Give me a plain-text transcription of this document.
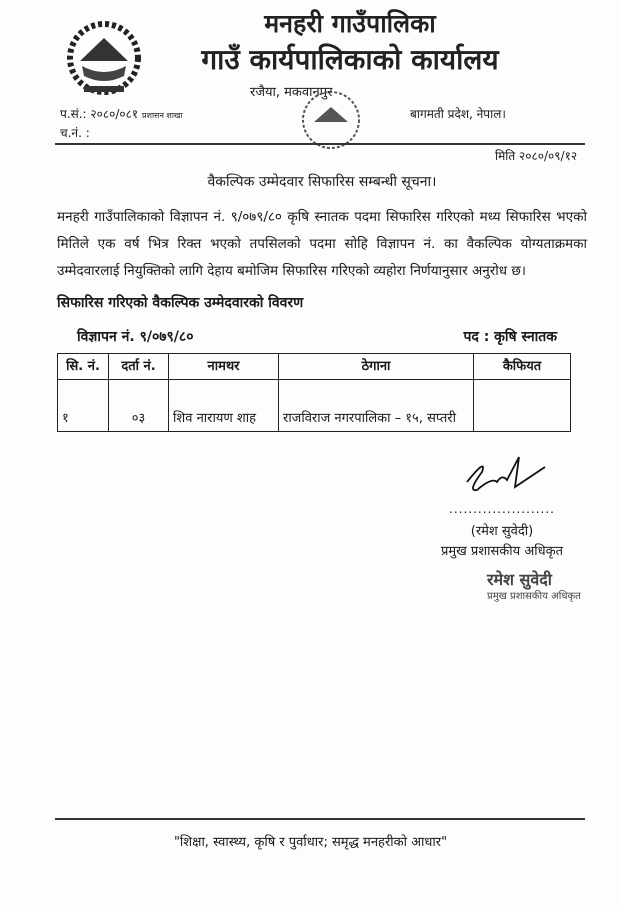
मनहरी गाउँपालिका
गाउँ कार्यपालिकाको कार्यालय
रजैया, मकवानपुर
प.सं.: २०८०/०८१ प्रशासन शाखा	बागमती प्रदेश, नेपाल।
च.नं. :
मिति २०८०/०९/१२
वैकल्पिक उम्मेदवार सिफारिस सम्बन्धी सूचना।
मनहरी गाउँपालिकाको विज्ञापन नं. ९/०७९/८० कृषि स्नातक पदमा सिफारिस गरिएको मध्य सिफारिस भएको मितिले एक वर्ष भित्र रिक्त भएको तपसिलको पदमा सोहि विज्ञापन नं. का वैकल्पिक योग्यताक्रमका उम्मेदवारलाई नियुक्तिको लागि देहाय बमोजिम सिफारिस गरिएको व्यहोरा निर्णयानुसार अनुरोध छ।
सिफारिस गरिएको वैकल्पिक उम्मेदवारको विवरण
विज्ञापन नं. ९/०७९/८०	पद : कृषि स्नातक
सि. नं.	दर्ता नं.	नामथर	ठेगाना	कैफियत
१	०३	शिव नारायण शाह	राजविराज नगरपालिका – १५, सप्तरी	
......................
(रमेश सुवेदी)
प्रमुख प्रशासकीय अधिकृत
रमेश सुवेदी
प्रमुख प्रशासकीय अधिकृत
"शिक्षा, स्वास्थ्य, कृषि र पुर्वाधार; समृद्ध मनहरीको आधार"
